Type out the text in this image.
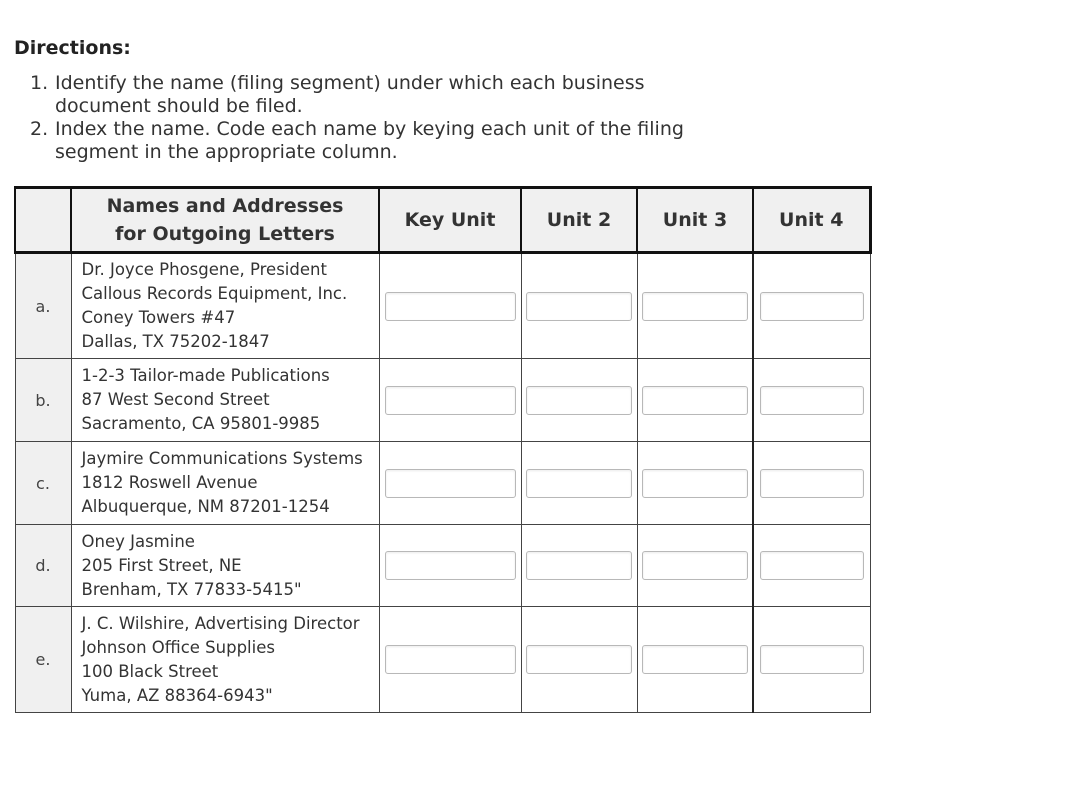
Directions:
1. Identify the name (filing segment) under which each business document should be filed.
2. Index the name. Code each name by keying each unit of the filing segment in the appropriate column.

	Names and Addresses
for Outgoing Letters	Key Unit	Unit 2	Unit 3	Unit 4
a.	Dr. Joyce Phosgene, President
Callous Records Equipment, Inc.
Coney Towers #47
Dallas, TX 75202-1847

b.	1-2-3 Tailor-made Publications
87 West Second Street
Sacramento, CA 95801-9985

c.	Jaymire Communications Systems
1812 Roswell Avenue
Albuquerque, NM 87201-1254

d.	Oney Jasmine
205 First Street, NE
Brenham, TX 77833-5415"

e.	J. C. Wilshire, Advertising Director
Johnson Office Supplies
100 Black Street
Yuma, AZ 88364-6943"
